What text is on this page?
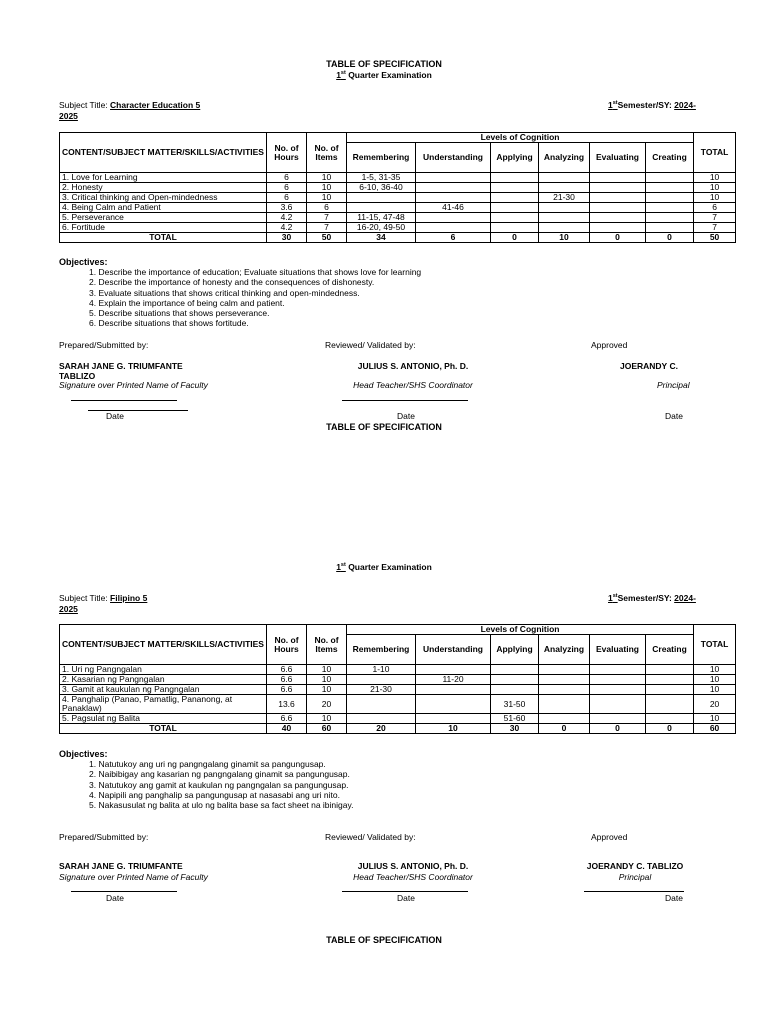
TABLE OF SPECIFICATION
1st Quarter Examination
Subject Title: Character Education 5
2025
1stSemester/SY: 2024-
CONTENT/SUBJECT MATTER/SKILLS/ACTIVITIES	No. of Hours	No. of Items	Levels of Cognition						TOTAL
			Remembering	Understanding	Applying	Analyzing	Evaluating	Creating	
1. Love for Learning	6	10	1-5, 31-35						10
2. Honesty	6	10	6-10, 36-40						10
3. Critical thinking and Open-mindedness	6	10				21-30			10
4. Being Calm and Patient	3.6	6		41-46					6
5. Perseverance	4.2	7	11-15, 47-48						7
6. Fortitude	4.2	7	16-20, 49-50						7
TOTAL	30	50	34	6	0	10	0	0	50
Objectives:
1. Describe the importance of education; Evaluate situations that shows love for learning
2. Describe the importance of honesty and the consequences of dishonesty.
3. Evaluate situations that shows critical thinking and open-mindedness.
4. Explain the importance of being calm and patient.
5. Describe situations that shows perseverance.
6. Describe situations that shows fortitude.
Prepared/Submitted by:	Reviewed/ Validated by:	Approved
SARAH JANE G. TRIUMFANTE
TABLIZO
Signature over Printed Name of Faculty
JULIUS S. ANTONIO, Ph. D.
Head Teacher/SHS Coordinator
JOERANDY C.
Principal
Date	Date	Date
TABLE OF SPECIFICATION
1st Quarter Examination
Subject Title: Filipino 5
2025
1stSemester/SY: 2024-
CONTENT/SUBJECT MATTER/SKILLS/ACTIVITIES	No. of Hours	No. of Items	Levels of Cognition						TOTAL
			Remembering	Understanding	Applying	Analyzing	Evaluating	Creating	
1. Uri ng Pangngalan	6.6	10	1-10						10
2. Kasarian ng Pangngalan	6.6	10		11-20					10
3. Gamit at kaukulan ng Pangngalan	6.6	10	21-30						10
4. Panghalip (Panao, Pamatlig, Pananong, at Panaklaw)	13.6	20			31-50				20
5. Pagsulat ng Balita	6.6	10			51-60				10
TOTAL	40	60	20	10	30	0	0	0	60
Objectives:
1. Natutukoy ang uri ng pangngalang ginamit sa pangungusap.
2. Naibibigay ang kasarian ng pangngalang ginamit sa pangungusap.
3. Natutukoy ang gamit at kaukulan ng pangngalan sa pangungusap.
4. Napipili ang panghalip sa pangungusap at nasasabi ang uri nito.
5. Nakasusulat ng balita at ulo ng balita base sa fact sheet na ibinigay.
Prepared/Submitted by:	Reviewed/ Validated by:	Approved
SARAH JANE G. TRIUMFANTE
Signature over Printed Name of Faculty
JULIUS S. ANTONIO, Ph. D.
Head Teacher/SHS Coordinator
JOERANDY C. TABLIZO
Principal
Date	Date	Date
TABLE OF SPECIFICATION
